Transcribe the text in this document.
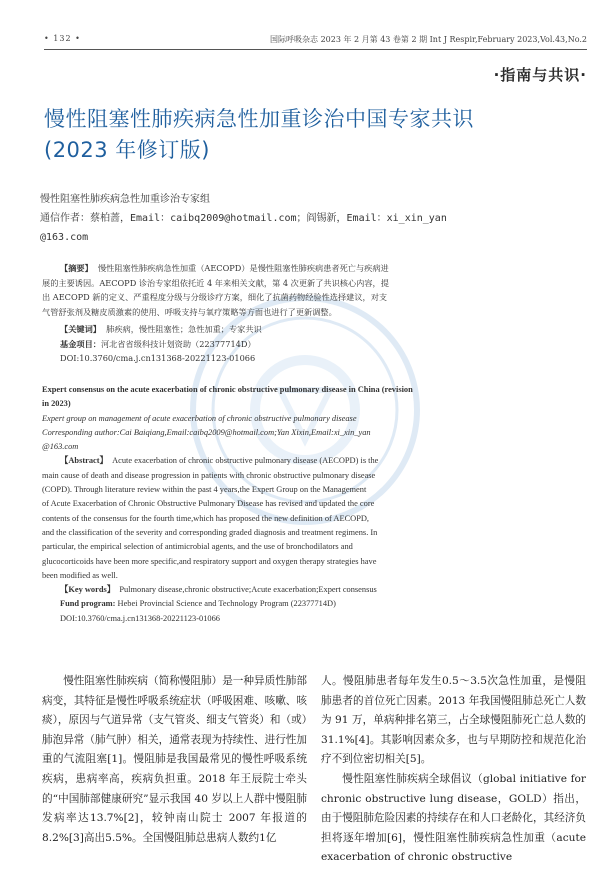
• 132 •	国际呼吸杂志 2023 年 2 月第 43 卷第 2 期 Int J Respir,February 2023,Vol.43,No.2
·指南与共识·
慢性阻塞性肺疾病急性加重诊治中国专家共识
(2023 年修订版)
慢性阻塞性肺疾病急性加重诊治专家组
通信作者：蔡柏蔷，Email：caibq2009@hotmail.com；阎锡新，Email：xi_xin_yan
@163.com
【摘要】 慢性阻塞性肺疾病急性加重（AECOPD）是慢性阻塞性肺疾病患者死亡与疾病进
展的主要诱因。AECOPD 诊治专家组依托近 4 年来相关文献，第 4 次更新了共识核心内容，提
出 AECOPD 新的定义、严重程度分级与分级诊疗方案，细化了抗菌药物经验性选择建议，对支
气管舒张剂及糖皮质激素的使用、呼吸支持与氧疗策略等方面也进行了更新调整。
【关键词】 肺疾病，慢性阻塞性；急性加重；专家共识
基金项目：河北省省级科技计划资助（22377714D）
DOI:10.3760/cma.j.cn131368-20221123-01066
Expert consensus on the acute exacerbation of chronic obstructive pulmonary disease in China (revision
in 2023)
Expert group on management of acute exacerbation of chronic obstructive pulmonary disease
Corresponding author:Cai Baiqiang,Email:caibq2009@hotmail.com;Yan Xixin,Email:xi_xin_yan
@163.com
【Abstract】 Acute exacerbation of chronic obstructive pulmonary disease (AECOPD) is the
main cause of death and disease progression in patients with chronic obstructive pulmonary disease
(COPD). Through literature review within the past 4 years,the Expert Group on the Management
of Acute Exacerbation of Chronic Obstructive Pulmonary Disease has revised and updated the core
contents of the consensus for the fourth time,which has proposed the new definition of AECOPD,
and the classification of the severity and corresponding graded diagnosis and treatment regimens. In
particular, the empirical selection of antimicrobial agents, and the use of bronchodilators and
glucocorticoids have been more specific,and respiratory support and oxygen therapy strategies have
been modified as well.
【Key words】 Pulmonary disease,chronic obstructive;Acute exacerbation;Expert consensus
Fund program: Hebei Provincial Science and Technology Program (22377714D)
DOI:10.3760/cma.j.cn131368-20221123-01066

慢性阻塞性肺疾病（简称慢阻肺）是一种异质性肺部病变，其特征是慢性呼吸系统症状（呼吸困难、咳嗽、咳痰），原因与气道异常（支气管炎、细支气管炎）和（或）肺泡异常（肺气肿）相关，通常表现为持续性、进行性加重的气流阻塞[1]。慢阻肺是我国最常见的慢性呼吸系统疾病，患病率高，疾病负担重。2018 年王辰院士牵头的“中国肺部健康研究”显示我国 40 岁以上人群中慢阻肺发病率达13.7%[2]，较钟南山院士 2007 年报道的8.2%[3]高出5.5%。全国慢阻肺总患病人数约1亿

人。慢阻肺患者每年发生0.5～3.5次急性加重，是慢阻肺患者的首位死亡因素。2013 年我国慢阻肺总死亡人数为 91 万，单病种排名第三，占全球慢阻肺死亡总人数的31.1%[4]。其影响因素众多，也与早期防控和规范化治疗不到位密切相关[5]。

慢性阻塞性肺疾病全球倡议（global initiative for chronic obstructive lung disease，GOLD）指出，由于慢阻肺危险因素的持续存在和人口老龄化，其经济负担将逐年增加[6]，慢性阻塞性肺疾病急性加重（acute exacerbation of chronic obstructive
